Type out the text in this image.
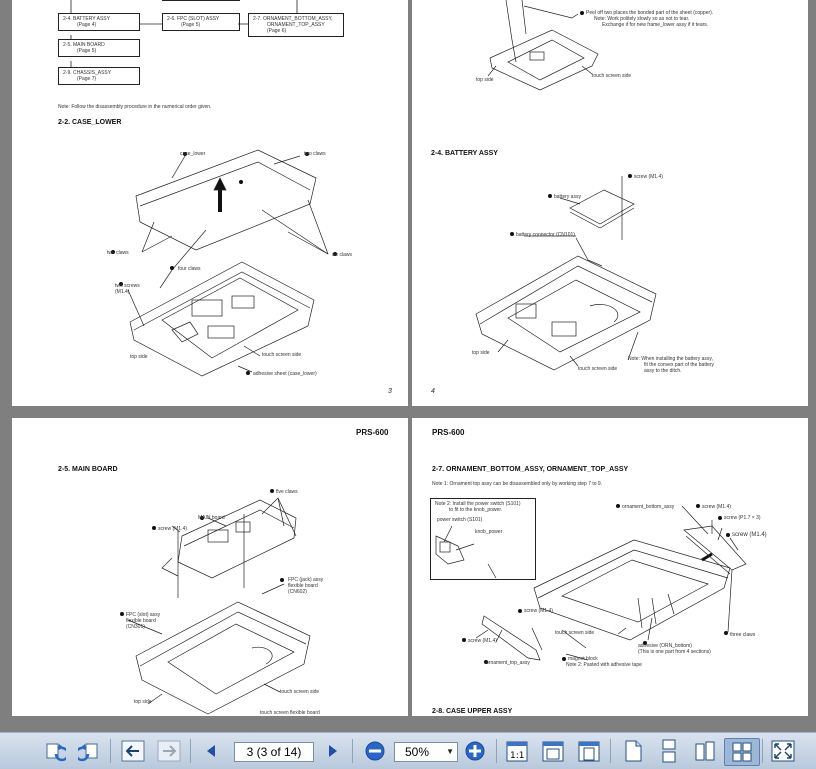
2-4. BATTERY ASSY
(Page 4)
2-6. FPC (SLOT) ASSY
(Page 5)
2-7. ORNAMENT_BOTTOM_ASSY,
ORNAMENT_TOP_ASSY
(Page 6)
2-5. MAIN BOARD
(Page 5)
2-9. CHASSIS_ASSY
(Page 7)
Note: Follow the disassembly procedure in the numerical order given.
2-2. CASE_LOWER
case_lower	two claws
two claws	six claws
four claws
two screws
(M1.4)
top side	touch screen side
adhesive sheet (case_lower)
3
Peel off two places the bonded part of the sheet (copper).
Note: Work politely slowly so as not to tear.
Exchange it for new frame_lower assy if it tears.
top side
touch screen side
2-4. BATTERY ASSY
screw (M1.4)
battery assy
battery connector (CN101)
top side
touch screen side
Note: When installing the battery assy,
fit the convex part of the battery
assy to the ditch.
4
PRS-600
2-5. MAIN BOARD
five claws
MAIN board
screw (M1.4)
FPC (jack) assy
flexible board
(CN602)
FPC (slot) assy
flexible board
(CN301)
touch screen side
top side
touch screen flexible board
PRS-600
2-7. ORNAMENT_BOTTOM_ASSY, ORNAMENT_TOP_ASSY
Note 1: Ornament top assy can be disassembled only by working step 7 to 9.
Note 2: Install the power switch (S101)
to fit to the knob_power.
power switch (S101)
knob_power
ornament_bottom_assy	screw (M1.4)
screw (P1.7 × 3)
screw (M1.4)
three claws
adhesive (ORN_bottom)
(This is one part from 4 sections)
magnet block
Note 2: Pasted with adhesive tape
ornament_top_assy
screw (M1.4)
screw (M1.4)
touch screen side
2-8. CASE UPPER ASSY
3 (3 of 14)	50% ▼	1:1
